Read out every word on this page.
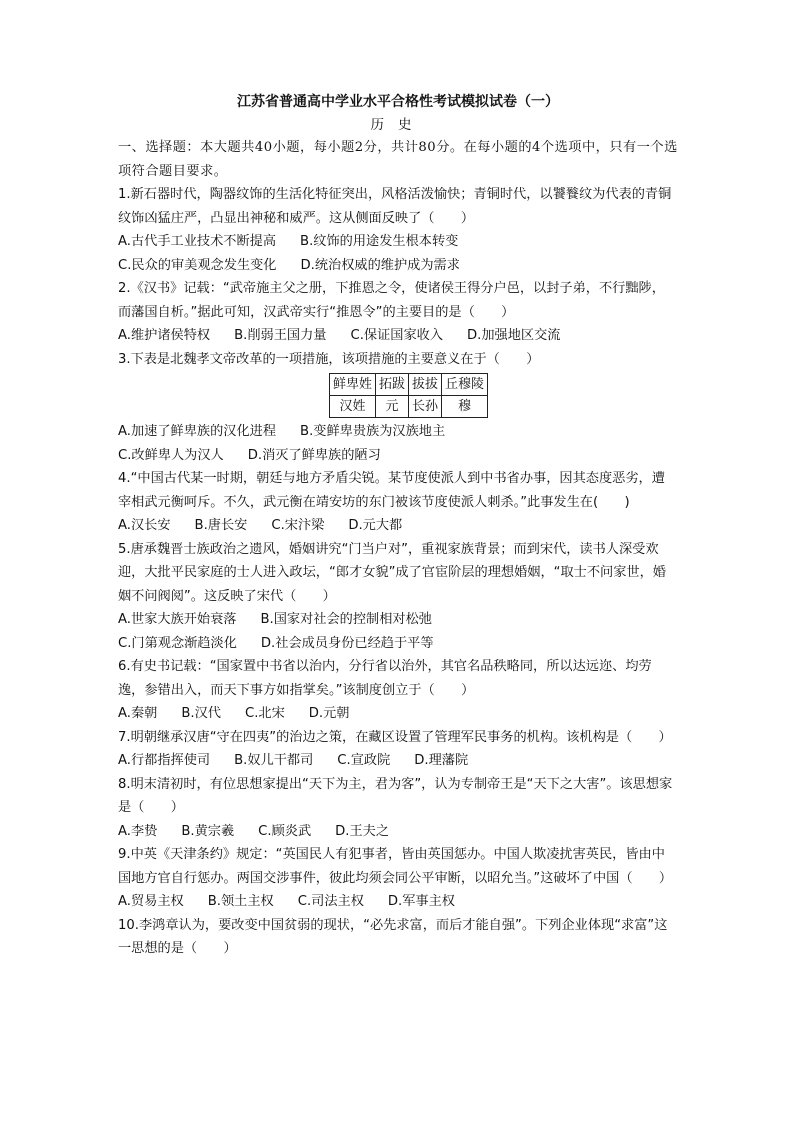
江苏省普通高中学业水平合格性考试模拟试卷（一）
历史

一、选择题：本大题共40小题，每小题2分，共计80分。在每小题的4个选项中，只有一个选项符合题目要求。

1.新石器时代，陶器纹饰的生活化特征突出，风格活泼愉快；青铜时代，以饕餮纹为代表的青铜纹饰凶猛庄严，凸显出神秘和威严。这从侧面反映了（　　）

A.古代手工业技术不断提高 B.纹饰的用途发生根本转变
C.民众的审美观念发生变化 D.统治权威的维护成为需求

2.《汉书》记载：“武帝施主父之册，下推恩之令，使诸侯王得分户邑，以封子弟，不行黜陟，而藩国自析。”据此可知，汉武帝实行“推恩令”的主要目的是（　　）

A.维护诸侯特权 B.削弱王国力量 C.保证国家收入 D.加强地区交流

3.下表是北魏孝文帝改革的一项措施，该项措施的主要意义在于（　　）

鲜卑姓	拓跋	拔拔	丘穆陵
汉姓	元	长孙	穆
A.加速了鲜卑族的汉化进程 B.变鲜卑贵族为汉族地主
C.改鲜卑人为汉人 D.消灭了鲜卑族的陋习

4.“中国古代某一时期，朝廷与地方矛盾尖锐。某节度使派人到中书省办事，因其态度恶劣，遭宰相武元衡呵斥。不久，武元衡在靖安坊的东门被该节度使派人刺杀。”此事发生在(　　)

A.汉长安 B.唐长安 C.宋汴梁 D.元大都

5.唐承魏晋士族政治之遗风，婚姻讲究“门当户对”，重视家族背景；而到宋代，读书人深受欢迎，大批平民家庭的士人进入政坛，“郎才女貌”成了官宦阶层的理想婚姻，“取士不问家世，婚姻不问阀阅”。这反映了宋代（　　）

A.世家大族开始衰落 B.国家对社会的控制相对松弛
C.门第观念渐趋淡化 D.社会成员身份已经趋于平等

6.有史书记载：“国家置中书省以治内，分行省以治外，其官名品秩略同，所以达远迩、均劳逸，参错出入，而天下事方如指掌矣。”该制度创立于（　　）

A.秦朝 B.汉代 C.北宋 D.元朝

7.明朝继承汉唐“守在四夷”的治边之策，在藏区设置了管理军民事务的机构。该机构是（　　）

A.行都指挥使司 B.奴儿干都司 C.宣政院 D.理藩院

8.明末清初时，有位思想家提出“天下为主，君为客”，认为专制帝王是“天下之大害”。该思想家是（　　）

A.李贽 B.黄宗羲 C.顾炎武 D.王夫之

9.中英《天津条约》规定：“英国民人有犯事者，皆由英国惩办。中国人欺凌扰害英民，皆由中国地方官自行惩办。两国交涉事件，彼此均须会同公平审断，以昭允当。”这破坏了中国（　　）

A.贸易主权 B.领土主权 C.司法主权 D.军事主权

10.李鸿章认为，要改变中国贫弱的现状，“必先求富，而后才能自强”。下列企业体现“求富”这一思想的是（　　）
